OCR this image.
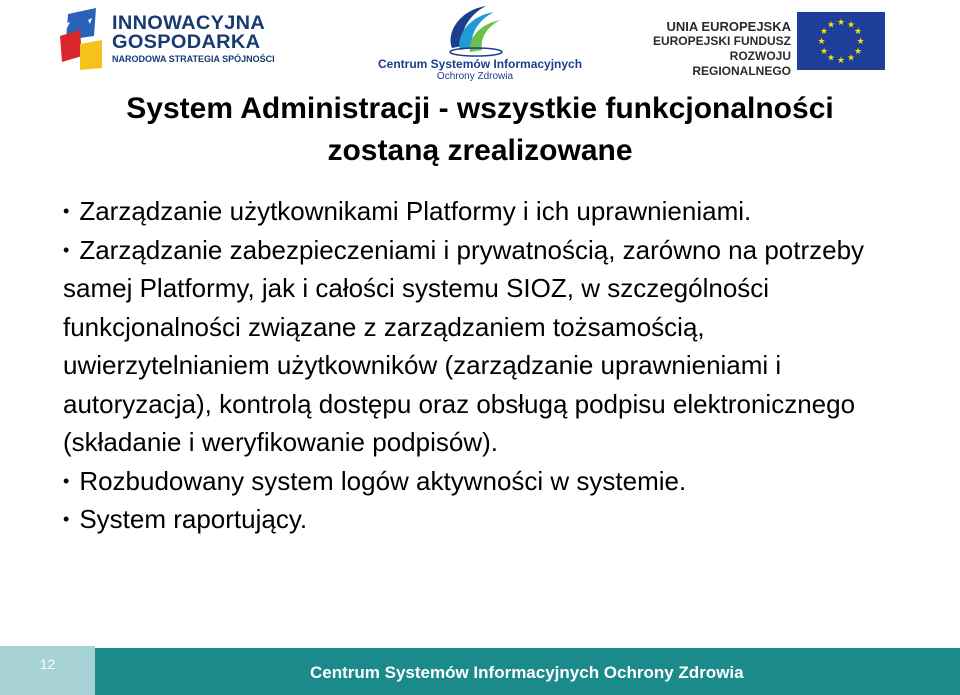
INNOWACYJNA
GOSPODARKA
NARODOWA STRATEGIA SPÓJNOŚCI	Centrum Systemów Informacyjnych
Ochrony Zdrowia
UNIA EUROPEJSKA
EUROPEJSKI FUNDUSZ
ROZWOJU REGIONALNEGO
★ ★
★
★
★
★
★
★
★
★
★
★
System Administracji - wszystkie funkcjonalności
zostaną zrealizowane

• Zarządzanie użytkownikami Platformy i ich uprawnieniami.

• Zarządzanie zabezpieczeniami i prywatnością, zarówno na potrzeby samej Platformy, jak i całości systemu SIOZ, w szczególności funkcjonalności związane z zarządzaniem tożsamością, uwierzytelnianiem użytkowników (zarządzanie uprawnieniami i autoryzacja), kontrolą dostępu oraz obsługą podpisu elektronicznego (składanie i weryfikowanie podpisów).

• Rozbudowany system logów aktywności w systemie.

• System raportujący.

12	Centrum Systemów Informacyjnych Ochrony Zdrowia
